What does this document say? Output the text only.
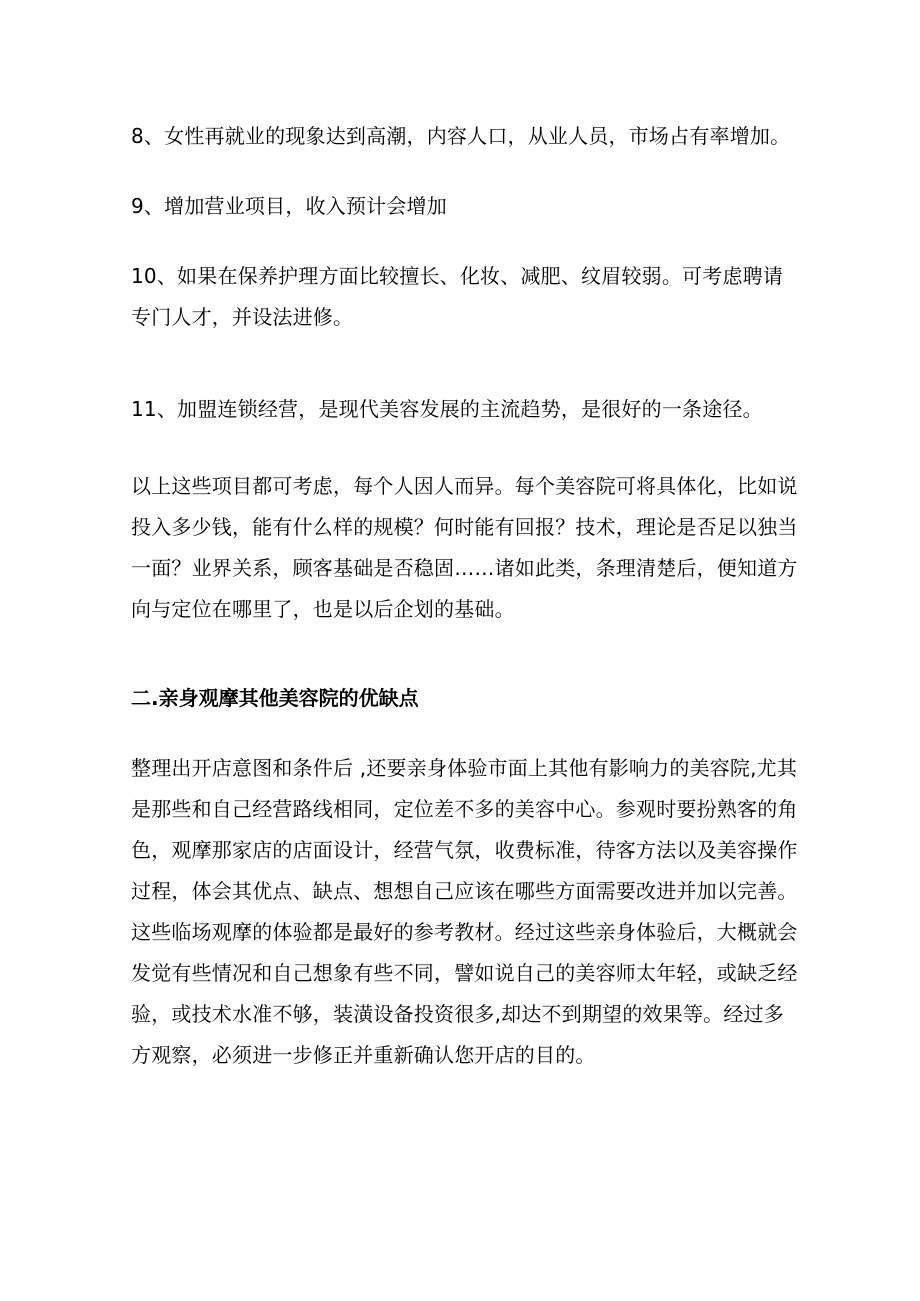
8、女性再就业的现象达到高潮，内容人口，从业人员，市场占有率增加。

9、增加营业项目，收入预计会增加

10、如果在保养护理方面比较擅长、化妆、减肥、纹眉较弱。可考虑聘请专门人才，并设法进修。

11、加盟连锁经营，是现代美容发展的主流趋势，是很好的一条途径。

以上这些项目都可考虑，每个人因人而异。每个美容院可将具体化，比如说投入多少钱，能有什么样的规模？何时能有回报？技术，理论是否足以独当一面？业界关系，顾客基础是否稳固……诸如此类，条理清楚后，便知道方向与定位在哪里了，也是以后企划的基础。

二.亲身观摩其他美容院的优缺点

整理出开店意图和条件后 ,还要亲身体验市面上其他有影响力的美容院,尤其是那些和自己经营路线相同，定位差不多的美容中心。参观时要扮熟客的角色，观摩那家店的店面设计，经营气氛，收费标准，待客方法以及美容操作过程，体会其优点、缺点、想想自己应该在哪些方面需要改进并加以完善。这些临场观摩的体验都是最好的参考教材。经过这些亲身体验后，大概就会发觉有些情况和自己想象有些不同，譬如说自己的美容师太年轻，或缺乏经验，或技术水准不够，装潢设备投资很多,却达不到期望的效果等。经过多方观察，必须进一步修正并重新确认您开店的目的。
